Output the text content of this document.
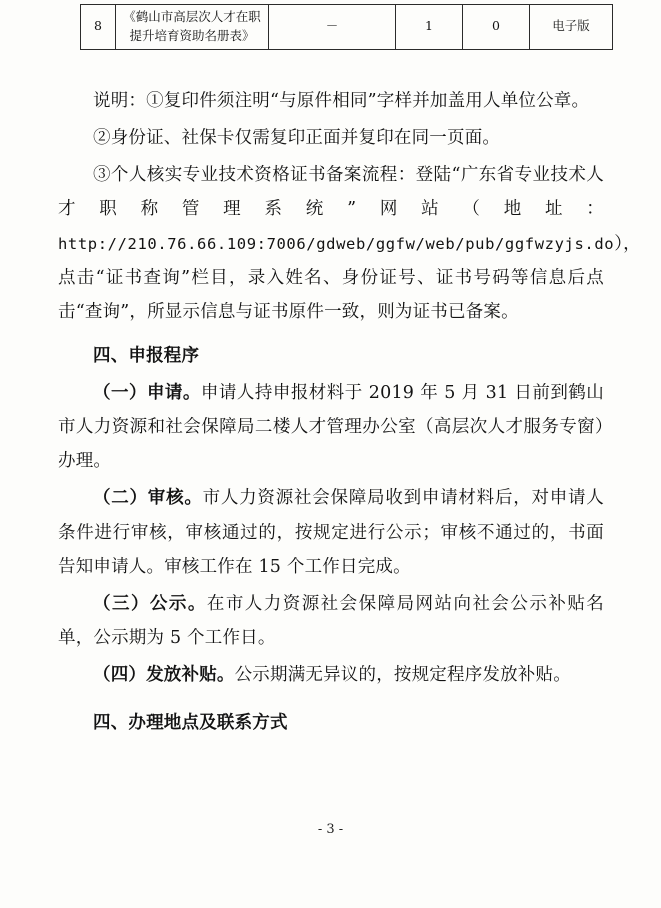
8	《鹤山市高层次人才在职提升培育资助名册表》	－	1	0	电子版

说明：①复印件须注明“与原件相同”字样并加盖用人单位公章。

②身份证、社保卡仅需复印正面并复印在同一页面。

③个人核实专业技术资格证书备案流程：登陆“广东省专业技术人才职称管理系统”网站（地址：http://210.76.66.109:7006/gdweb/ggfw/web/pub/ggfwzyjs.do），点击“证书查询”栏目，录入姓名、身份证号、证书号码等信息后点击“查询”，所显示信息与证书原件一致，则为证书已备案。

四、申报程序

（一）申请。申请人持申报材料于 2019 年 5 月 31 日前到鹤山市人力资源和社会保障局二楼人才管理办公室（高层次人才服务专窗）办理。

（二）审核。市人力资源社会保障局收到申请材料后，对申请人条件进行审核，审核通过的，按规定进行公示；审核不通过的，书面告知申请人。审核工作在 15 个工作日完成。

（三）公示。在市人力资源社会保障局网站向社会公示补贴名单，公示期为 5 个工作日。

（四）发放补贴。公示期满无异议的，按规定程序发放补贴。

四、办理地点及联系方式

- 3 -
